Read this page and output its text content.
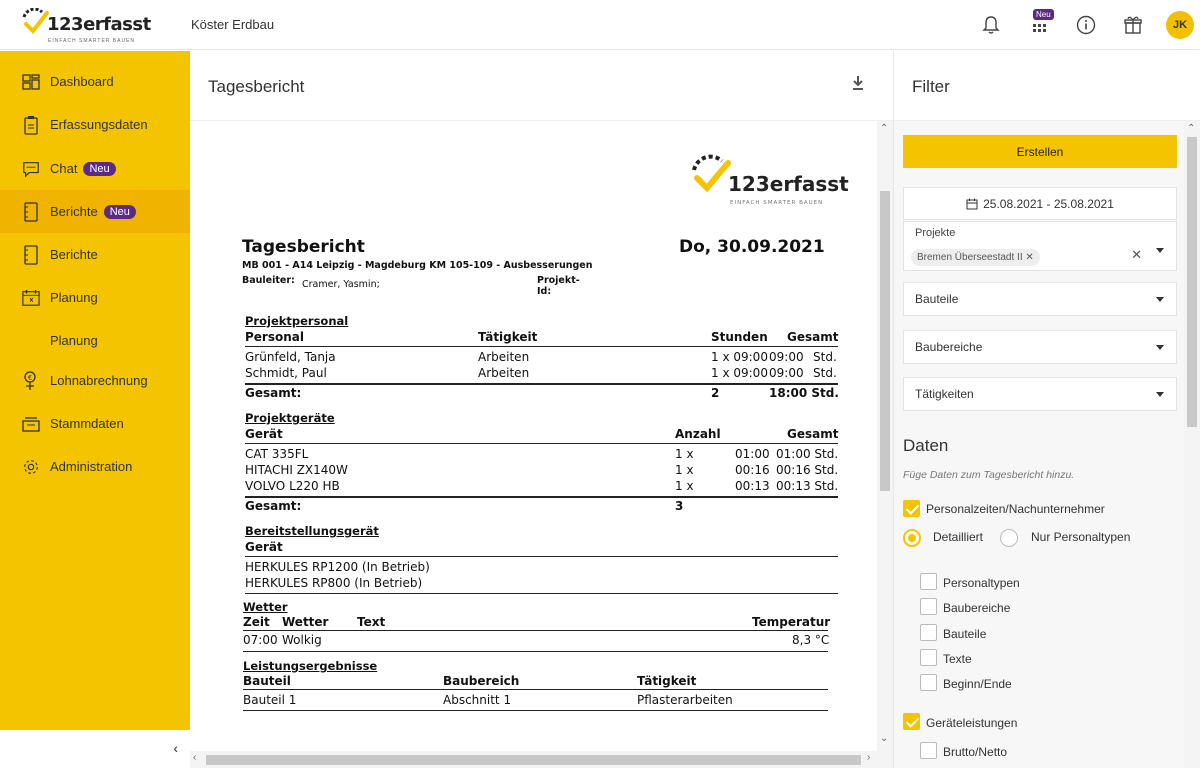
123erfasst
EINFACH SMARTER BAUEN
Köster Erdbau
Neu
JK
Dashboard
Erfassungsdaten
Chat	Neu
Berichte	Neu
Berichte
Planung
Planung
€ Lohnabrechnung
Stammdaten
Administration
‹
Tagesbericht
123erfasst
EINFACH SMARTER BAUEN
Tagesbericht	Do, 30.09.2021
MB 001 - A14 Leipzig - Magdeburg KM 105-109 - Ausbesserungen
Bauleiter: Cramer, Yasmin;	Projekt-Id:
Projektpersonal
Personal	Tätigkeit	Stunden Gesamt
Grünfeld, Tanja	Arbeiten	1 x 09:00 09:00 Std.
Schmidt, Paul	Arbeiten	1 x 09:00 09:00 Std.
Gesamt:	2	18:00 Std.
Projektgeräte
Gerät	Anzahl	Gesamt
CAT 335FL	1 x	01:00 01:00 Std.
HITACHI ZX140W	1 x	00:16 00:16 Std.
VOLVO L220 HB	1 x	00:13 00:13 Std.
Gesamt:	3
Bereitstellungsgerät
Gerät
HERKULES RP1200 (In Betrieb)
HERKULES RP800 (In Betrieb)
Wetter
Zeit Wetter Text	Temperatur
07:00 Wolkig	8,3 °C
Leistungsergebnisse
Bauteil	Baubereich	Tätigkeit
Bauteil 1	Abschnitt 1	Pflasterarbeiten
⌃
⌄
‹	›
Filter
Erstellen
25.08.2021 - 25.08.2021
Projekte
Bremen Überseestadt II ✕	✕
Bauteile
Baubereiche
Tätigkeiten
Daten
Füge Daten zum Tagesbericht hinzu.
Personalzeiten/Nachunternehmer
Detailliert	Nur Personaltypen
Personaltypen
Baubereiche
Bauteile
Texte
Beginn/Ende
Geräteleistungen
Brutto/Netto
⌃
